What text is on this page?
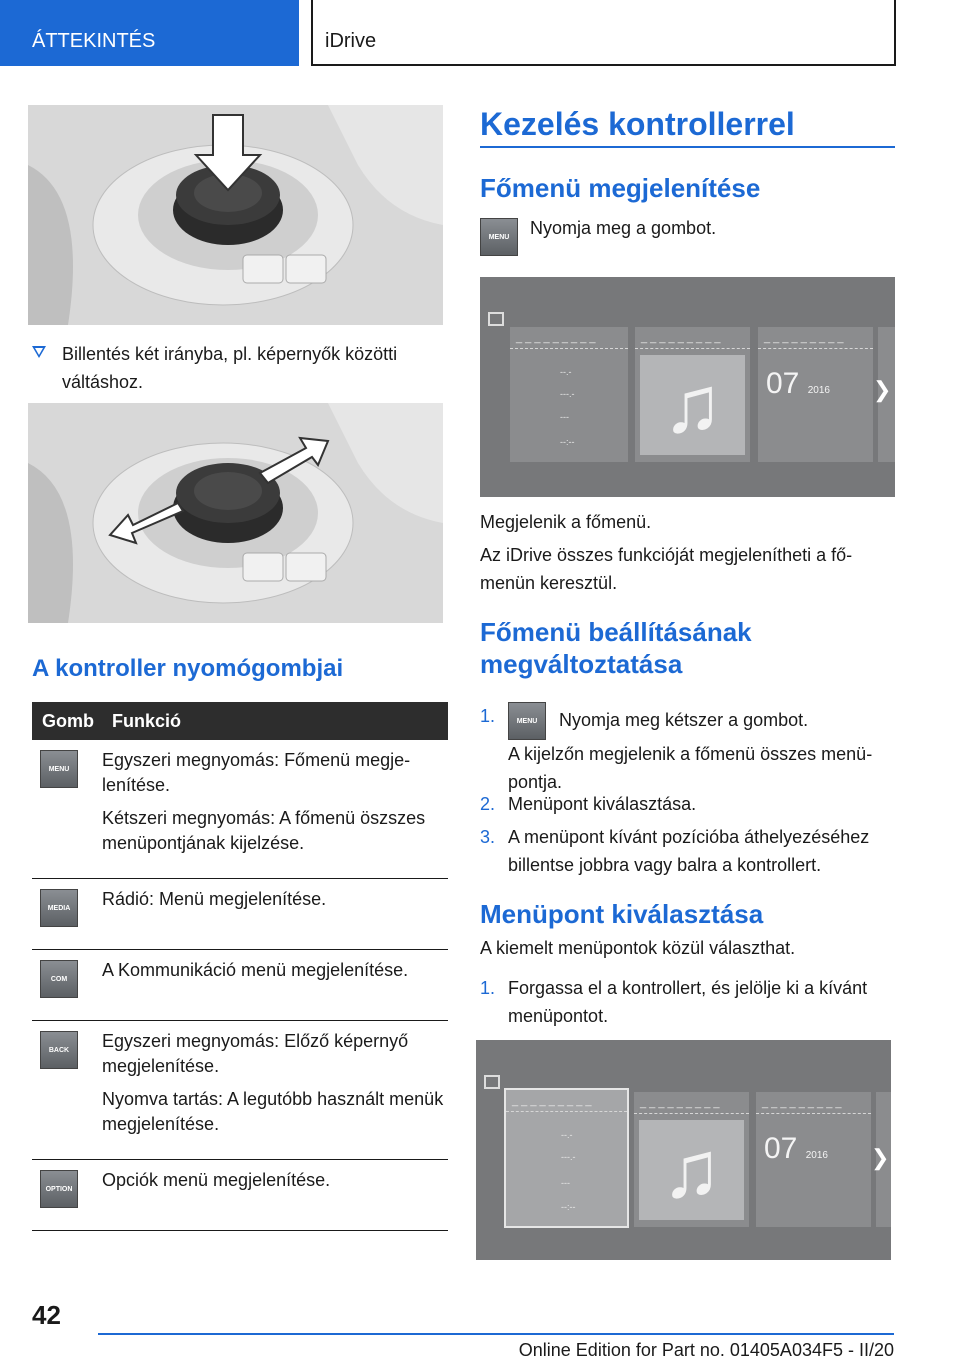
ÁTTEKINTÉS	iDrive

Billentés két irányba, pl. képernyők közötti váltáshoz.

A kontroller nyomógombjai
Gomb	Funkció
MENU	Egyszeri megnyomás: Főmenü megjelenítése.

Kétszeri megnyomás: A főmenü öszszes menüpontjának kijelzése.

MEDIA	Rádió: Menü megjelenítése.

COM	A Kommunikáció menü megjelenítése.

BACK	Egyszeri megnyomás: Előző képernyő megjelenítése.

Nyomva tartás: A legutóbb használt menük megjelenítése.

OPTION	Opciók menü megjelenítése.

Kezelés kontrollerrel
Főmenü megjelenítése
MENU	Nyomja meg a gombot.
_ _ _ _ _ _ _ _ _
--.-
---.-
---
--:--
_ _ _ _ _ _ _ _ _
♫
_ _ _ _ _ _ _ _ _
07 2016 ❯
Megjelenik a főmenü.
Az iDrive összes funkcióját megjelenítheti a főmenün keresztül.
Főmenü beállításának
megváltoztatása
1.	MENU Nyomja meg kétszer a gombot.
A kijelzőn megjelenik a főmenü összes menüpontja.
2. Menüpont kiválasztása.
3. A menüpont kívánt pozícióba áthelyezéséhez billentse jobbra vagy balra a kontrollert.
Menüpont kiválasztása
A kiemelt menüpontok közül választhat.
1. Forgassa el a kontrollert, és jelölje ki a kívánt menüpontot.
_ _ _ _ _ _ _ _ _
--.-
---.-
---
--:--
_ _ _ _ _ _ _ _ _
♫
_ _ _ _ _ _ _ _ _
07 2016 ❯
42
Online Edition for Part no. 01405A034F5 - II/20
